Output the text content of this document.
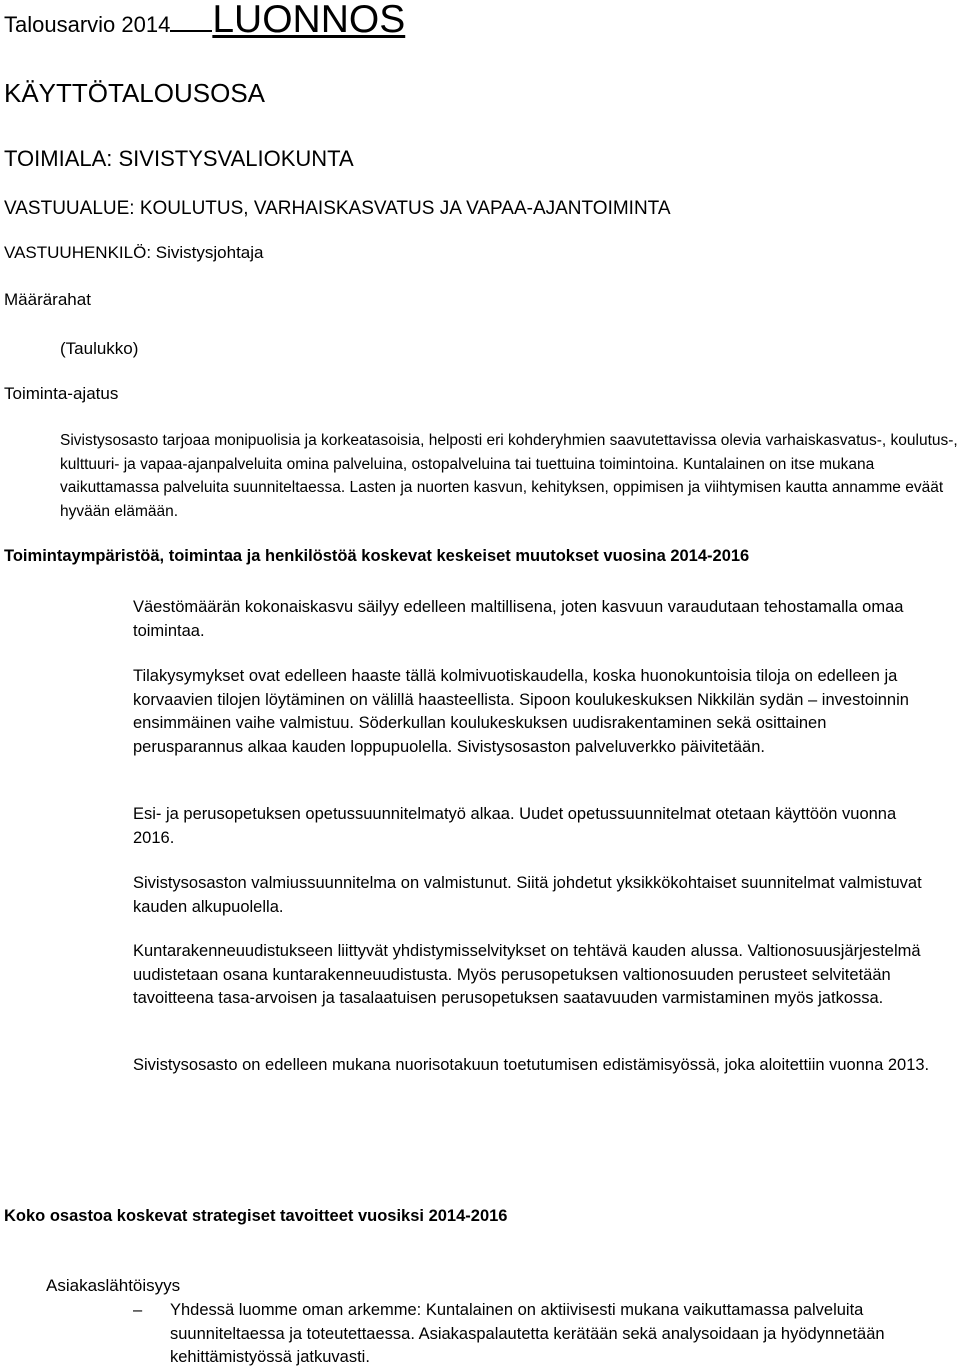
Talousarvio 2014 LUONNOS
KÄYTTÖTALOUSOSA
TOIMIALA: SIVISTYSVALIOKUNTA
VASTUUALUE: KOULUTUS, VARHAISKASVATUS JA VAPAA-AJANTOIMINTA
VASTUUHENKILÖ: Sivistysjohtaja
Määrärahat
(Taulukko)
Toiminta-ajatus

Sivistysosasto tarjoaa monipuolisia ja korkeatasoisia, helposti eri kohderyhmien saavutettavissa olevia varhaiskasvatus-, koulutus-, kulttuuri- ja vapaa-ajanpalveluita omina palveluina, ostopalveluina tai tuettuina toimintoina. Kuntalainen on itse mukana vaikuttamassa palveluita suunniteltaessa. Lasten ja nuorten kasvun, kehityksen, oppimisen ja viihtymisen kautta annamme eväät hyvään elämään.

Toimintaympäristöä, toimintaa ja henkilöstöä koskevat keskeiset muutokset vuosina 2014-2016

Väestömäärän kokonaiskasvu säilyy edelleen maltillisena, joten kasvuun varaudutaan tehostamalla omaa toimintaa.

Tilakysymykset ovat edelleen haaste tällä kolmivuotiskaudella, koska huonokuntoisia tiloja on edelleen ja korvaavien tilojen löytäminen on välillä haasteellista. Sipoon koulukeskuksen Nikkilän sydän – investoinnin ensimmäinen vaihe valmistuu. Söderkullan koulukeskuksen uudisrakentaminen sekä osittainen perusparannus alkaa kauden loppupuolella. Sivistysosaston palveluverkko päivitetään.

Esi- ja perusopetuksen opetussuunnitelmatyö alkaa. Uudet opetussuunnitelmat otetaan käyttöön vuonna 2016.

Sivistysosaston valmiussuunnitelma on valmistunut. Siitä johdetut yksikkökohtaiset suunnitelmat valmistuvat kauden alkupuolella.

Kuntarakenneuudistukseen liittyvät yhdistymisselvitykset on tehtävä kauden alussa. Valtionosuusjärjestelmä uudistetaan osana kuntarakenneuudistusta. Myös perusopetuksen valtionosuuden perusteet selvitetään tavoitteena tasa-arvoisen ja tasalaatuisen perusopetuksen saatavuuden varmistaminen myös jatkossa.

Sivistysosasto on edelleen mukana nuorisotakuun toetutumisen edistämisyössä, joka aloitettiin vuonna 2013.

Koko osastoa koskevat strategiset tavoitteet vuosiksi 2014-2016
Asiakaslähtöisyys
– Yhdessä luomme oman arkemme: Kuntalainen on aktiivisesti mukana vaikuttamassa palveluita suunniteltaessa ja toteutettaessa. Asiakaspalautetta kerätään sekä analysoidaan ja hyödynnetään kehittämistyössä jatkuvasti.
